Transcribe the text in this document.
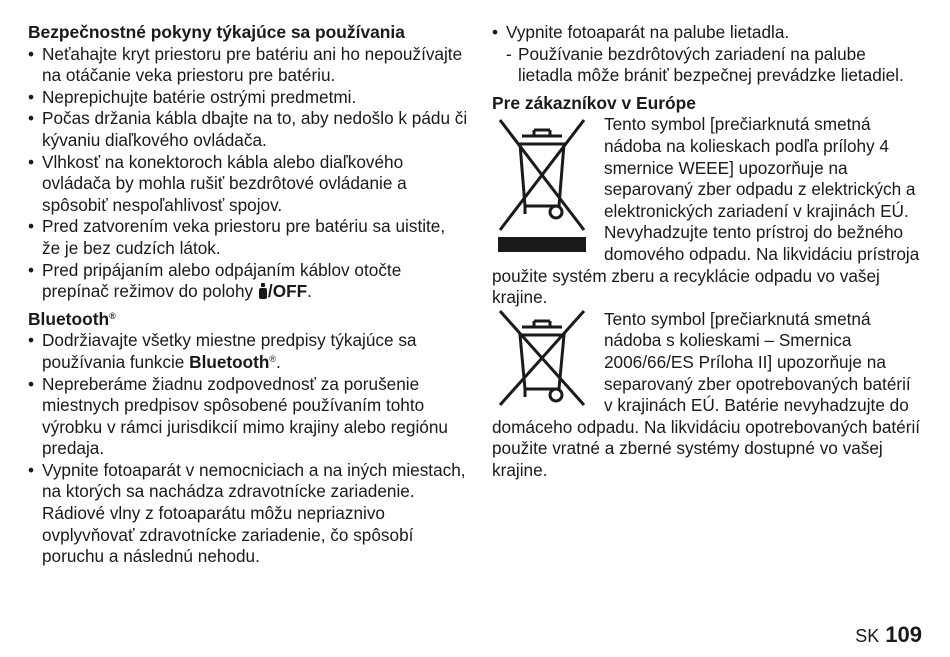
Bezpečnostné pokyny týkajúce sa používania
• Neťahajte kryt priestoru pre batériu ani ho nepoužívajte na otáčanie veka priestoru pre batériu.
• Neprepichujte batérie ostrými predmetmi.
• Počas držania kábla dbajte na to, aby nedošlo k pádu či kývaniu diaľkového ovládača.
• Vlhkosť na konektoroch kábla alebo diaľkového ovládača by mohla rušiť bezdrôtové ovládanie a spôsobiť nespoľahlivosť spojov.
• Pred zatvorením veka priestoru pre batériu sa uistite, že je bez cudzích látok.
• Pred pripájaním alebo odpájaním káblov otočte prepínač režimov do polohy /OFF.
Bluetooth®
• Dodržiavajte všetky miestne predpisy týkajúce sa používania funkcie Bluetooth®.
• Nepreberáme žiadnu zodpovednosť za porušenie miestnych predpisov spôsobené používaním tohto výrobku v rámci jurisdikcií mimo krajiny alebo regiónu predaja.
• Vypnite fotoaparát v nemocniciach a na iných miestach, na ktorých sa nachádza zdravotnícke zariadenie.
Rádiové vlny z fotoaparátu môžu nepriaznivo ovplyvňovať zdravotnícke zariadenie, čo spôsobí poruchu a následnú nehodu.
• Vypnite fotoaparát na palube lietadla.
- Používanie bezdrôtových zariadení na palube lietadla môže brániť bezpečnej prevádzke lietadiel.
Pre zákazníkov v Európe
Tento symbol [prečiarknutá smetná nádoba na kolieskach podľa prílohy 4 smernice WEEE] upozorňuje na separovaný zber odpadu z elektrických a elektronických zariadení v krajinách EÚ. Nevyhadzujte tento prístroj do bežného domového odpadu. Na likvidáciu prístroja použite systém zberu a recyklácie odpadu vo vašej krajine.
Tento symbol [prečiarknutá smetná nádoba s kolieskami – Smernica 2006/66/ES Príloha II] upozorňuje na separovaný zber opotrebovaných batérií v krajinách EÚ. Batérie nevyhadzujte do domáceho odpadu. Na likvidáciu opotrebovaných batérií použite vratné a zberné systémy dostupné vo vašej krajine.
SK 109
